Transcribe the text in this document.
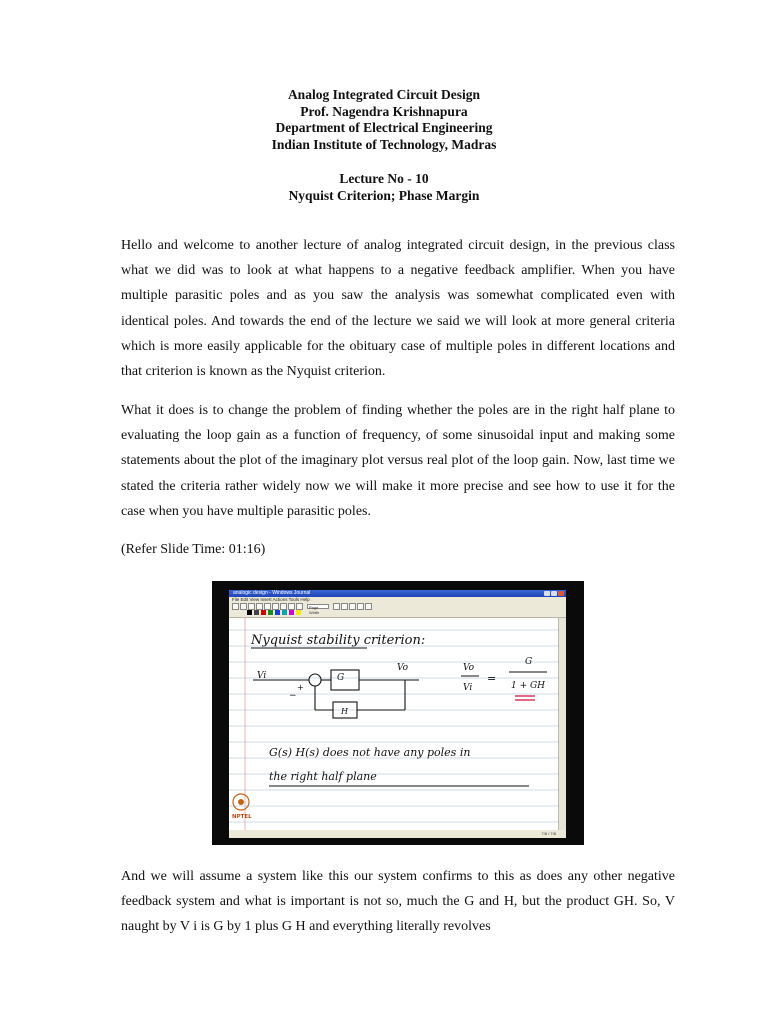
Analog Integrated Circuit Design
Prof. Nagendra Krishnapura
Department of Electrical Engineering
Indian Institute of Technology, Madras
Lecture No - 10
Nyquist Criterion; Phase Margin

Hello and welcome to another lecture of analog integrated circuit design, in the previous class what we did was to look at what happens to a negative feedback amplifier. When you have multiple parasitic poles and as you saw the analysis was somewhat complicated even with identical poles. And towards the end of the lecture we said we will look at more general criteria which is more easily applicable for the obituary case of multiple poles in different locations and that criterion is known as the Nyquist criterion.

What it does is to change the problem of finding whether the poles are in the right half plane to evaluating the loop gain as a function of frequency, of some sinusoidal input and making some statements about the plot of the imaginary plot versus real plot of the loop gain. Now, last time we stated the criteria rather widely now we will make it more precise and see how to use it for the case when you have multiple parasitic poles.

(Refer Slide Time: 01:16)

analogic design - Windows Journal
File Edit View Insert Actions Tools Help
Page Width
Nyquist stability criterion:
Vi
Vo
G
H
+
−
Vo
Vi
=
G
1 + GH
G(s) H(s) does not have any poles in
the right half plane
NPTEL
7/8 / 7/8

And we will assume a system like this our system confirms to this as does any other negative feedback system and what is important is not so, much the G and H, but the product GH. So, V naught by V i is G by 1 plus G H and everything literally revolves
